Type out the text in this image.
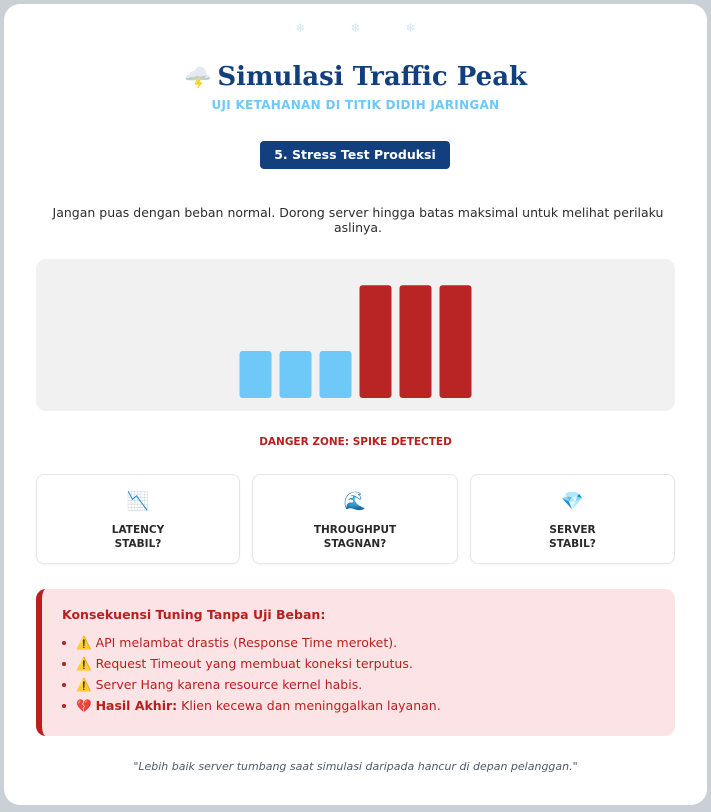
❄	❄	❄
🌩️ Simulasi Traffic Peak
UJI KETAHANAN DI TITIK DIDIH JARINGAN
5. Stress Test Produksi
Jangan puas dengan beban normal. Dorong server hingga batas maksimal untuk melihat perilaku aslinya.
DANGER ZONE: SPIKE DETECTED
📉
LATENCY
STABIL?
🌊
THROUGHPUT
STAGNAN?
💎
SERVER
STABIL?
Konsekuensi Tuning Tanpa Uji Beban:
⚠️ API melambat drastis (Response Time meroket).
⚠️ Request Timeout yang membuat koneksi terputus.
⚠️ Server Hang karena resource kernel habis.
💔 Hasil Akhir: Klien kecewa dan meninggalkan layanan.
"Lebih baik server tumbang saat simulasi daripada hancur di depan pelanggan."
